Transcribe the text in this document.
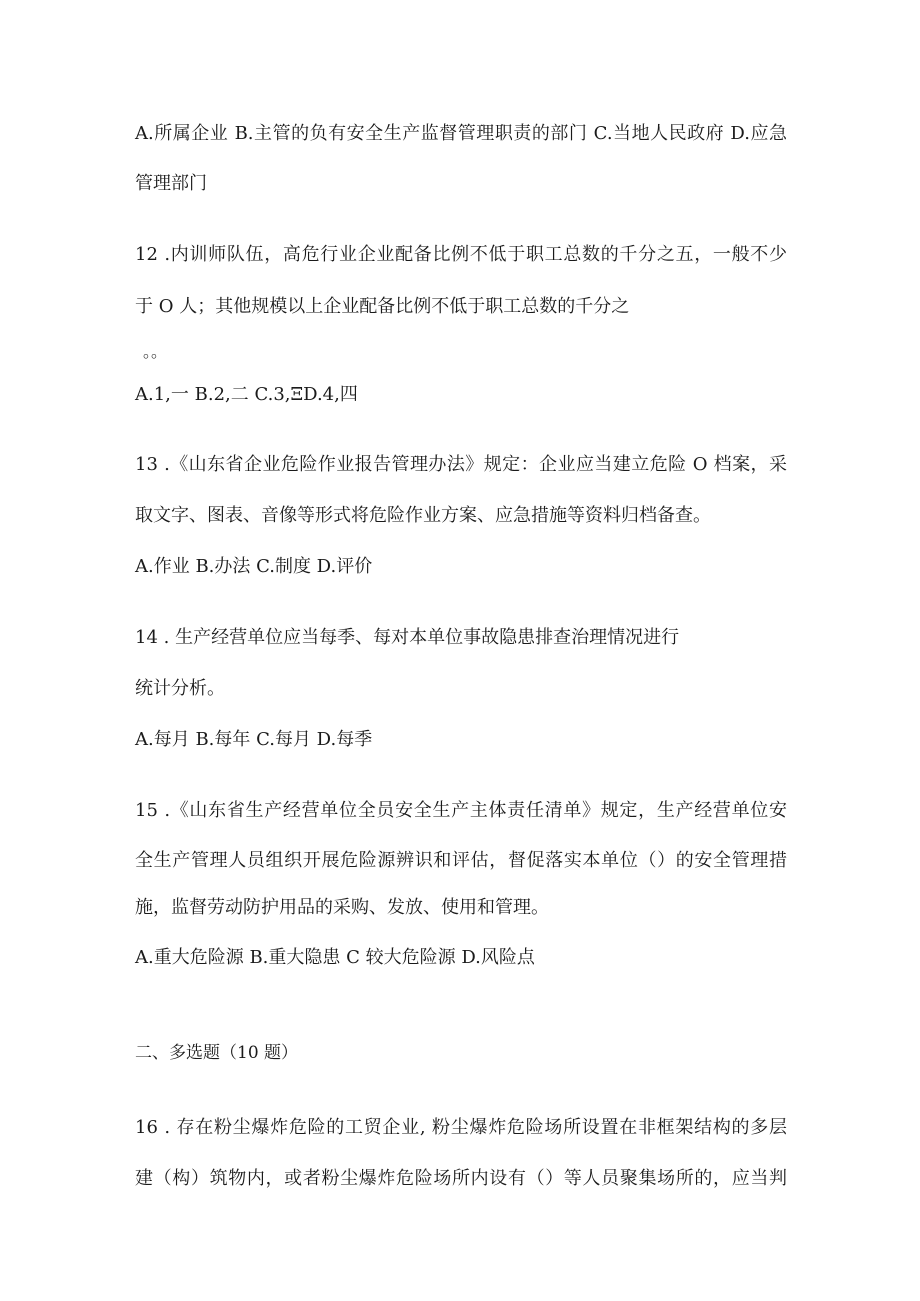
A.所属企业 B.主管的负有安全生产监督管理职责的部门 C.当地人民政府 D.应急
管理部门
12 .内训师队伍，高危行业企业配备比例不低于职工总数的千分之五，一般不少
于 O 人；其他规模以上企业配备比例不低于职工总数的千分之
。。
A.1,一 B.2,二 C.3,ΞD.4,四
13 .《山东省企业危险作业报告管理办法》规定：企业应当建立危险 O 档案，采
取文字、图表、音像等形式将危险作业方案、应急措施等资料归档备查。
A.作业 B.办法 C.制度 D.评价
14 . 生产经营单位应当每季、每对本单位事故隐患排查治理情况进行
统计分析。
A.每月 B.每年 C.每月 D.每季
15 .《山东省生产经营单位全员安全生产主体责任清单》规定，生产经营单位安
全生产管理人员组织开展危险源辨识和评估，督促落实本单位（）的安全管理措
施，监督劳动防护用品的采购、发放、使用和管理。
A.重大危险源 B.重大隐患 C 较大危险源 D.风险点
二、多选题（10 题）
16 . 存在粉尘爆炸危险的工贸企业, 粉尘爆炸危险场所设置在非框架结构的多层
建（构）筑物内，或者粉尘爆炸危险场所内设有（）等人员聚集场所的，应当判
